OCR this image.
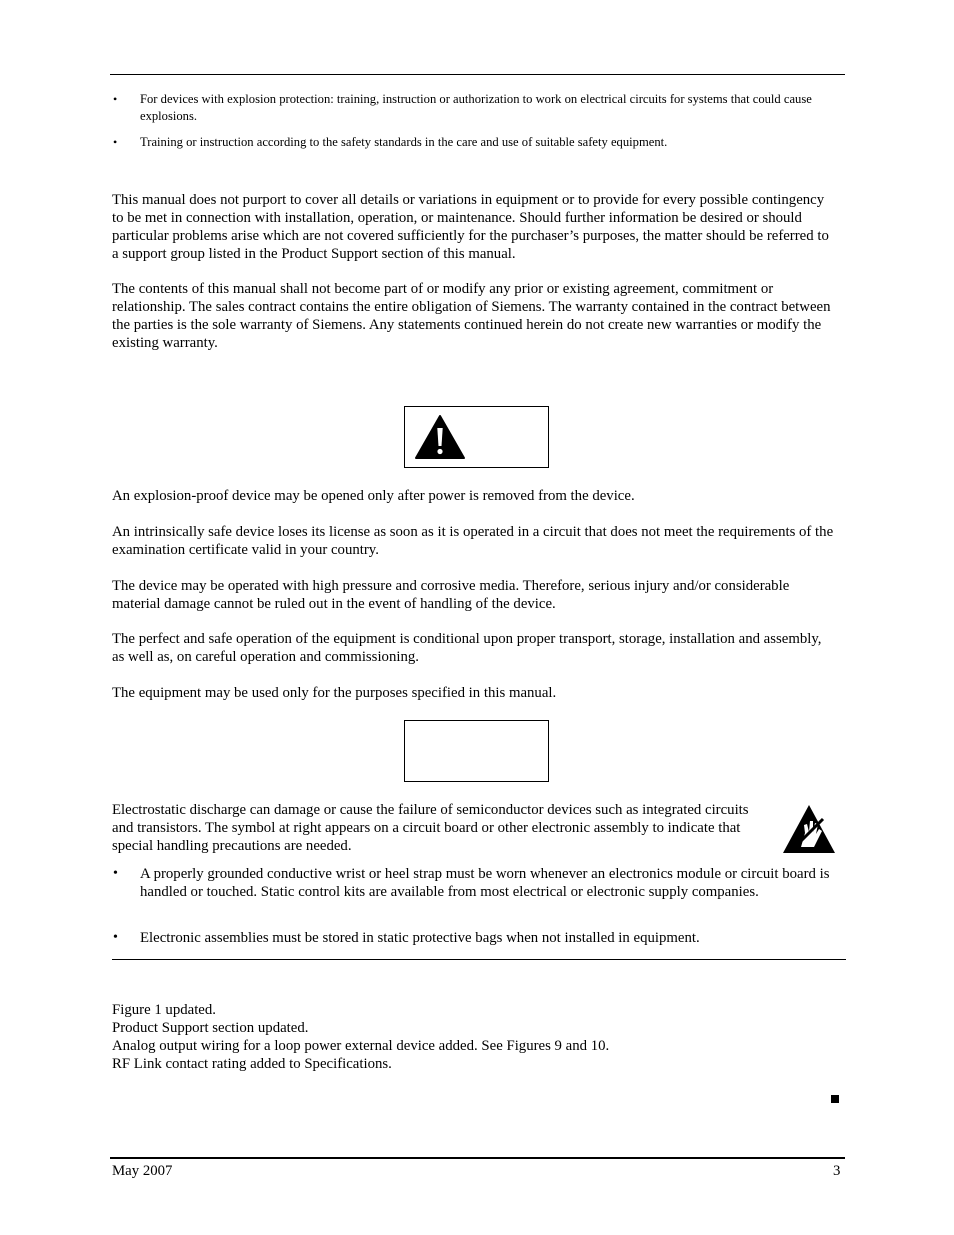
• For devices with explosion protection: training, instruction or authorization to work on electrical circuits for systems that could cause explosions.

• Training or instruction according to the safety standards in the care and use of suitable safety equipment.

This manual does not purport to cover all details or variations in equipment or to provide for every possible contingency to be met in connection with installation, operation, or maintenance. Should further information be desired or should particular problems arise which are not covered sufficiently for the purchaser’s purposes, the matter should be referred to a support group listed in the Product Support section of this manual.

The contents of this manual shall not become part of or modify any prior or existing agreement, commitment or relationship. The sales contract contains the entire obligation of Siemens. The warranty contained in the contract between the parties is the sole warranty of Siemens. Any statements continued herein do not create new warranties or modify the existing warranty.

An explosion-proof device may be opened only after power is removed from the device.

An intrinsically safe device loses its license as soon as it is operated in a circuit that does not meet the requirements of the examination certificate valid in your country.

The device may be operated with high pressure and corrosive media. Therefore, serious injury and/or considerable material damage cannot be ruled out in the event of handling of the device.

The perfect and safe operation of the equipment is conditional upon proper transport, storage, installation and assembly, as well as, on careful operation and commissioning.

The equipment may be used only for the purposes specified in this manual.

Electrostatic discharge can damage or cause the failure of semiconductor devices such as integrated circuits and transistors. The symbol at right appears on a circuit board or other electronic assembly to indicate that special handling precautions are needed.

• A properly grounded conductive wrist or heel strap must be worn whenever an electronics module or circuit board is handled or touched. Static control kits are available from most electrical or electronic supply companies.

• Electronic assemblies must be stored in static protective bags when not installed in equipment.

Figure 1 updated.

Product Support section updated.

Analog output wiring for a loop power external device added. See Figures 9 and 10.

RF Link contact rating added to Specifications.

May 2007	3
